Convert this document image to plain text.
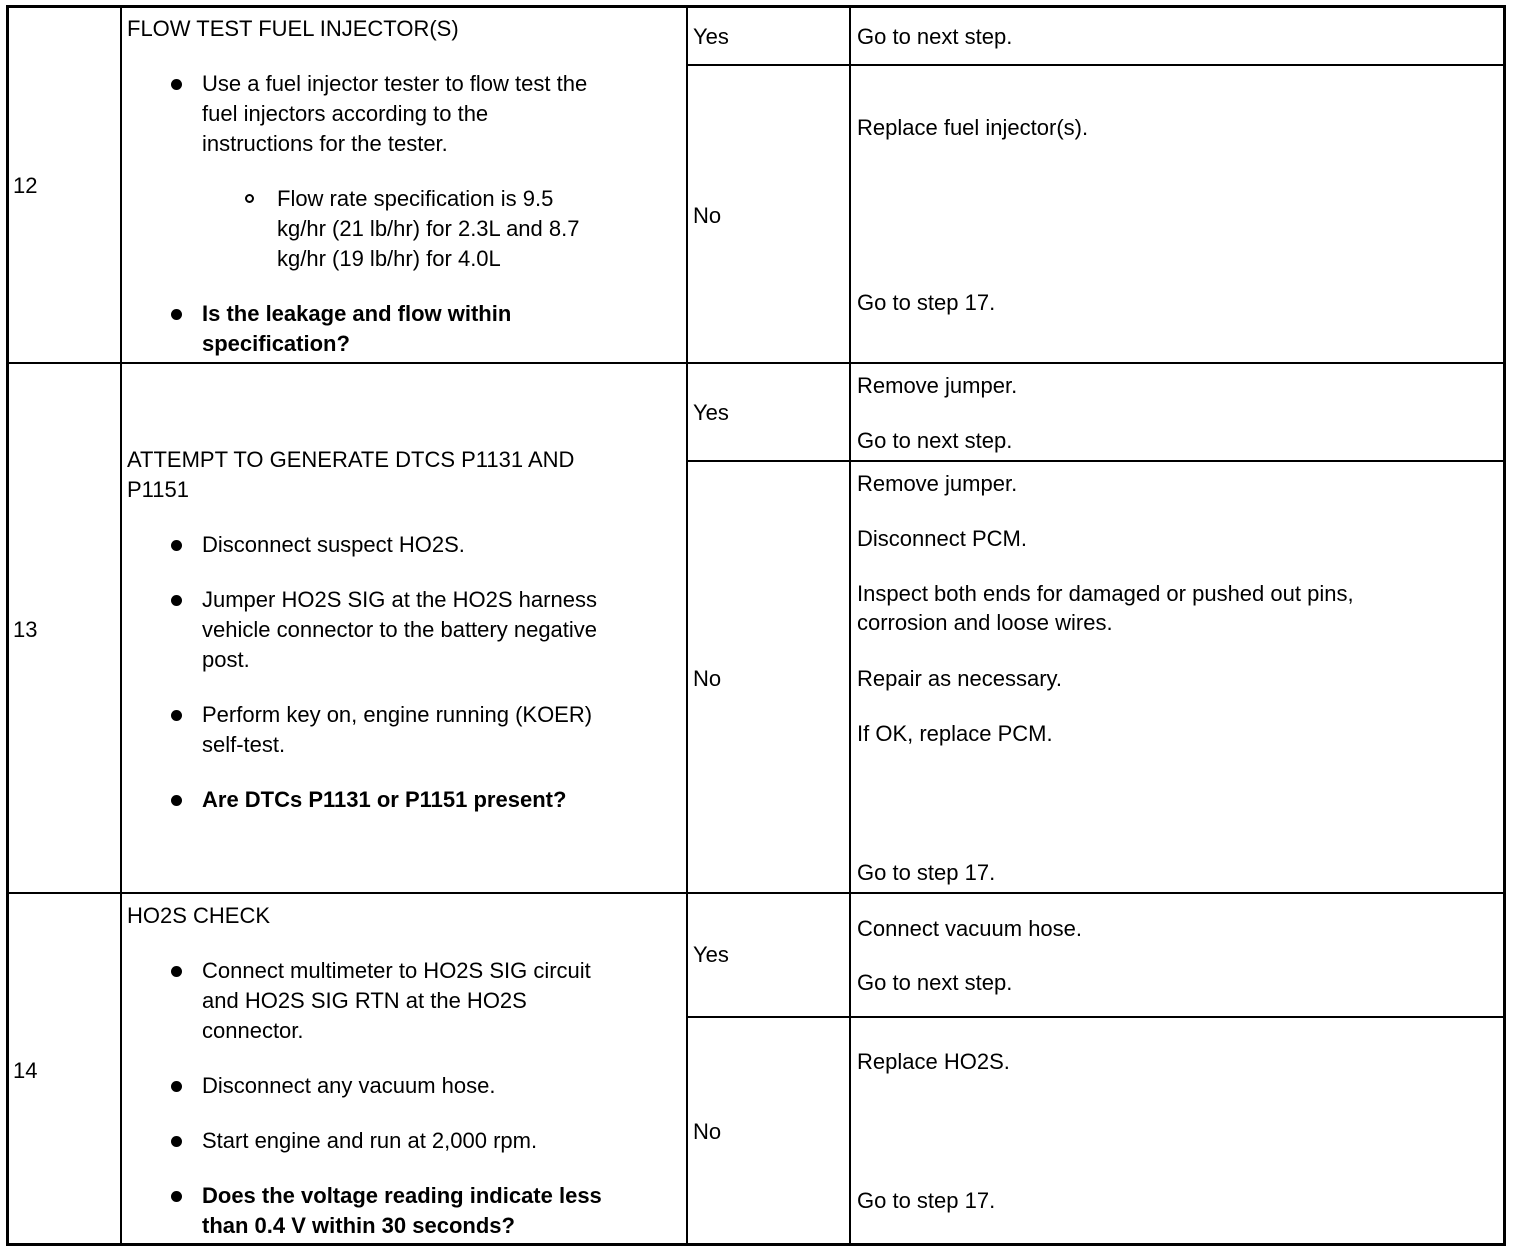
12
FLOW TEST FUEL INJECTOR(S)
Use a fuel injector tester to flow test the
fuel injectors according to the
instructions for the tester.
Flow rate specification is 9.5
kg/hr (21 lb/hr) for 2.3L and 8.7
kg/hr (19 lb/hr) for 4.0L
Is the leakage and flow within
specification?
Yes	Go to next step.
No
Replace fuel injector(s).
Go to step 17.
13
ATTEMPT TO GENERATE DTCS P1131 AND
P1151
Disconnect suspect HO2S.
Jumper HO2S SIG at the HO2S harness
vehicle connector to the battery negative
post.
Perform key on, engine running (KOER)
self-test.
Are DTCs P1131 or P1151 present?
Yes
Remove jumper.
Go to next step.
No
Remove jumper.
Disconnect PCM.
Inspect both ends for damaged or pushed out pins,
corrosion and loose wires.
Repair as necessary.
If OK, replace PCM.
Go to step 17.
14
HO2S CHECK
Connect multimeter to HO2S SIG circuit
and HO2S SIG RTN at the HO2S
connector.
Disconnect any vacuum hose.
Start engine and run at 2,000 rpm.
Does the voltage reading indicate less
than 0.4 V within 30 seconds?
Yes
Connect vacuum hose.
Go to next step.
No
Replace HO2S.
Go to step 17.
